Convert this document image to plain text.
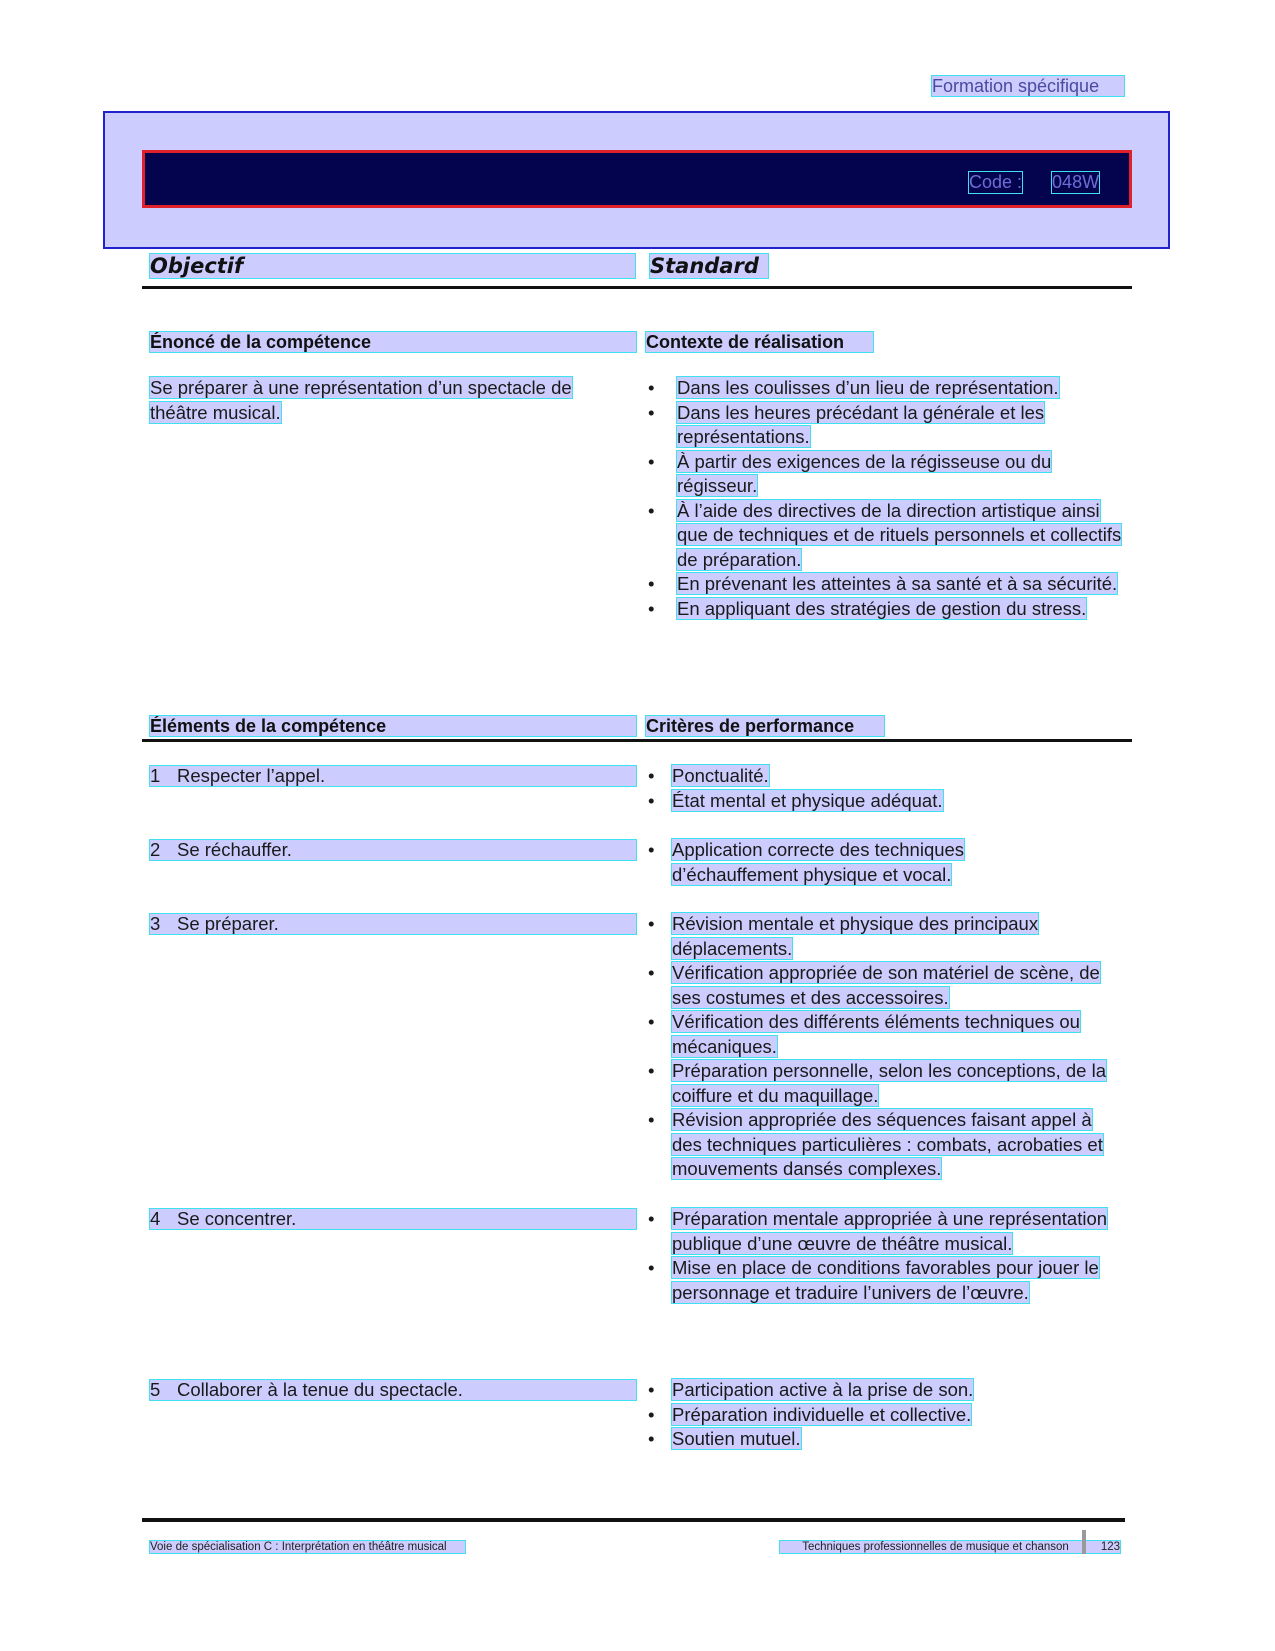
Formation spécifique
Code : 048W
Objectif	Standard
Énoncé de la compétence	Contexte de réalisation
Se préparer à une représentation d’un spectacle de théâtre musical.
• Dans les coulisses d’un lieu de représentation.
• Dans les heures précédant la générale et les représentations.
• À partir des exigences de la régisseuse ou du régisseur.
• À l’aide des directives de la direction artistique ainsi que de techniques et de rituels personnels et collectifs de préparation.
• En prévenant les atteintes à sa santé et à sa sécurité.
• En appliquant des stratégies de gestion du stress.
Éléments de la compétence	Critères de performance
1 Respecter l’appel.	• Ponctualité.
• État mental et physique adéquat.
2 Se réchauffer.	• Application correcte des techniques d’échauffement physique et vocal.
3 Se préparer.	• Révision mentale et physique des principaux déplacements.
• Vérification appropriée de son matériel de scène, de ses costumes et des accessoires.
• Vérification des différents éléments techniques ou mécaniques.
• Préparation personnelle, selon les conceptions, de la coiffure et du maquillage.
• Révision appropriée des séquences faisant appel à des techniques particulières : combats, acrobaties et mouvements dansés complexes.
4 Se concentrer.	• Préparation mentale appropriée à une représentation publique d’une œuvre de théâtre musical.
• Mise en place de conditions favorables pour jouer le personnage et traduire l’univers de l’œuvre.
5 Collaborer à la tenue du spectacle.	• Participation active à la prise de son.
• Préparation individuelle et collective.
• Soutien mutuel.
Voie de spécialisation C : Interprétation en théâtre musical	Techniques professionnelles de musique et chanson	123
